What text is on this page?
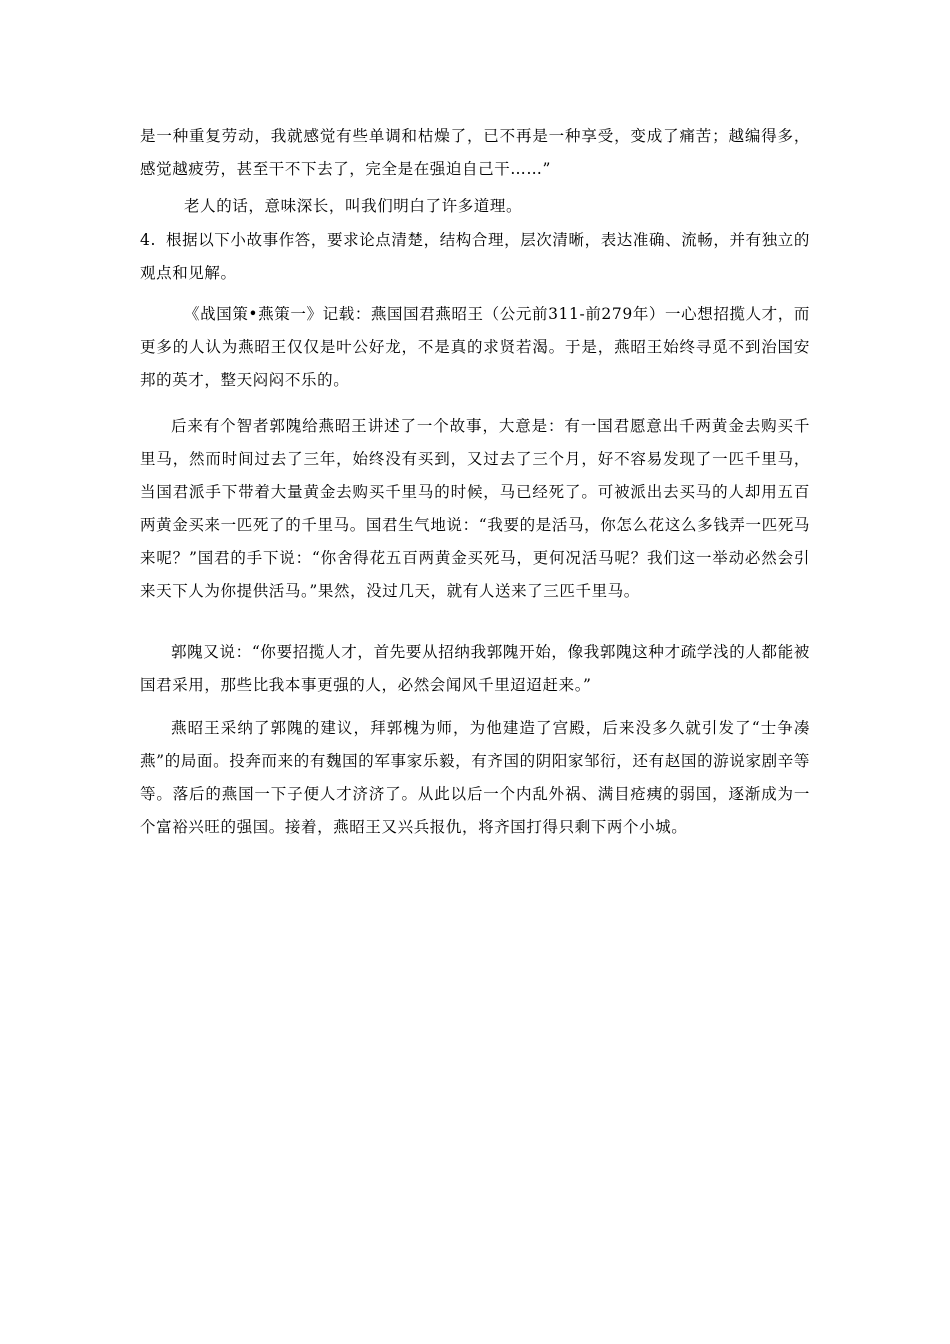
是一种重复劳动，我就感觉有些单调和枯燥了，已不再是一种享受，变成了痛苦；越编得多，感觉越疲劳，甚至干不下去了，完全是在强迫自己干……”

老人的话，意味深长，叫我们明白了许多道理。

4. 根据以下小故事作答，要求论点清楚，结构合理，层次清晰，表达准确、流畅，并有独立的观点和见解。

《战国策•燕策一》记载：燕国国君燕昭王（公元前311-前279年）一心想招揽人才，而更多的人认为燕昭王仅仅是叶公好龙，不是真的求贤若渴。于是，燕昭王始终寻觅不到治国安邦的英才，整天闷闷不乐的。

后来有个智者郭隗给燕昭王讲述了一个故事，大意是：有一国君愿意出千两黄金去购买千里马，然而时间过去了三年，始终没有买到，又过去了三个月，好不容易发现了一匹千里马，当国君派手下带着大量黄金去购买千里马的时候，马已经死了。可被派出去买马的人却用五百两黄金买来一匹死了的千里马。国君生气地说：“我要的是活马，你怎么花这么多钱弄一匹死马来呢？”国君的手下说：“你舍得花五百两黄金买死马，更何况活马呢？我们这一举动必然会引来天下人为你提供活马。”果然，没过几天，就有人送来了三匹千里马。

郭隗又说：“你要招揽人才，首先要从招纳我郭隗开始，像我郭隗这种才疏学浅的人都能被国君采用，那些比我本事更强的人，必然会闻风千里迢迢赶来。”

燕昭王采纳了郭隗的建议，拜郭槐为师，为他建造了宫殿，后来没多久就引发了“士争凑燕”的局面。投奔而来的有魏国的军事家乐毅，有齐国的阴阳家邹衍，还有赵国的游说家剧辛等等。落后的燕国一下子便人才济济了。从此以后一个内乱外祸、满目疮痍的弱国，逐渐成为一个富裕兴旺的强国。接着，燕昭王又兴兵报仇，将齐国打得只剩下两个小城。
